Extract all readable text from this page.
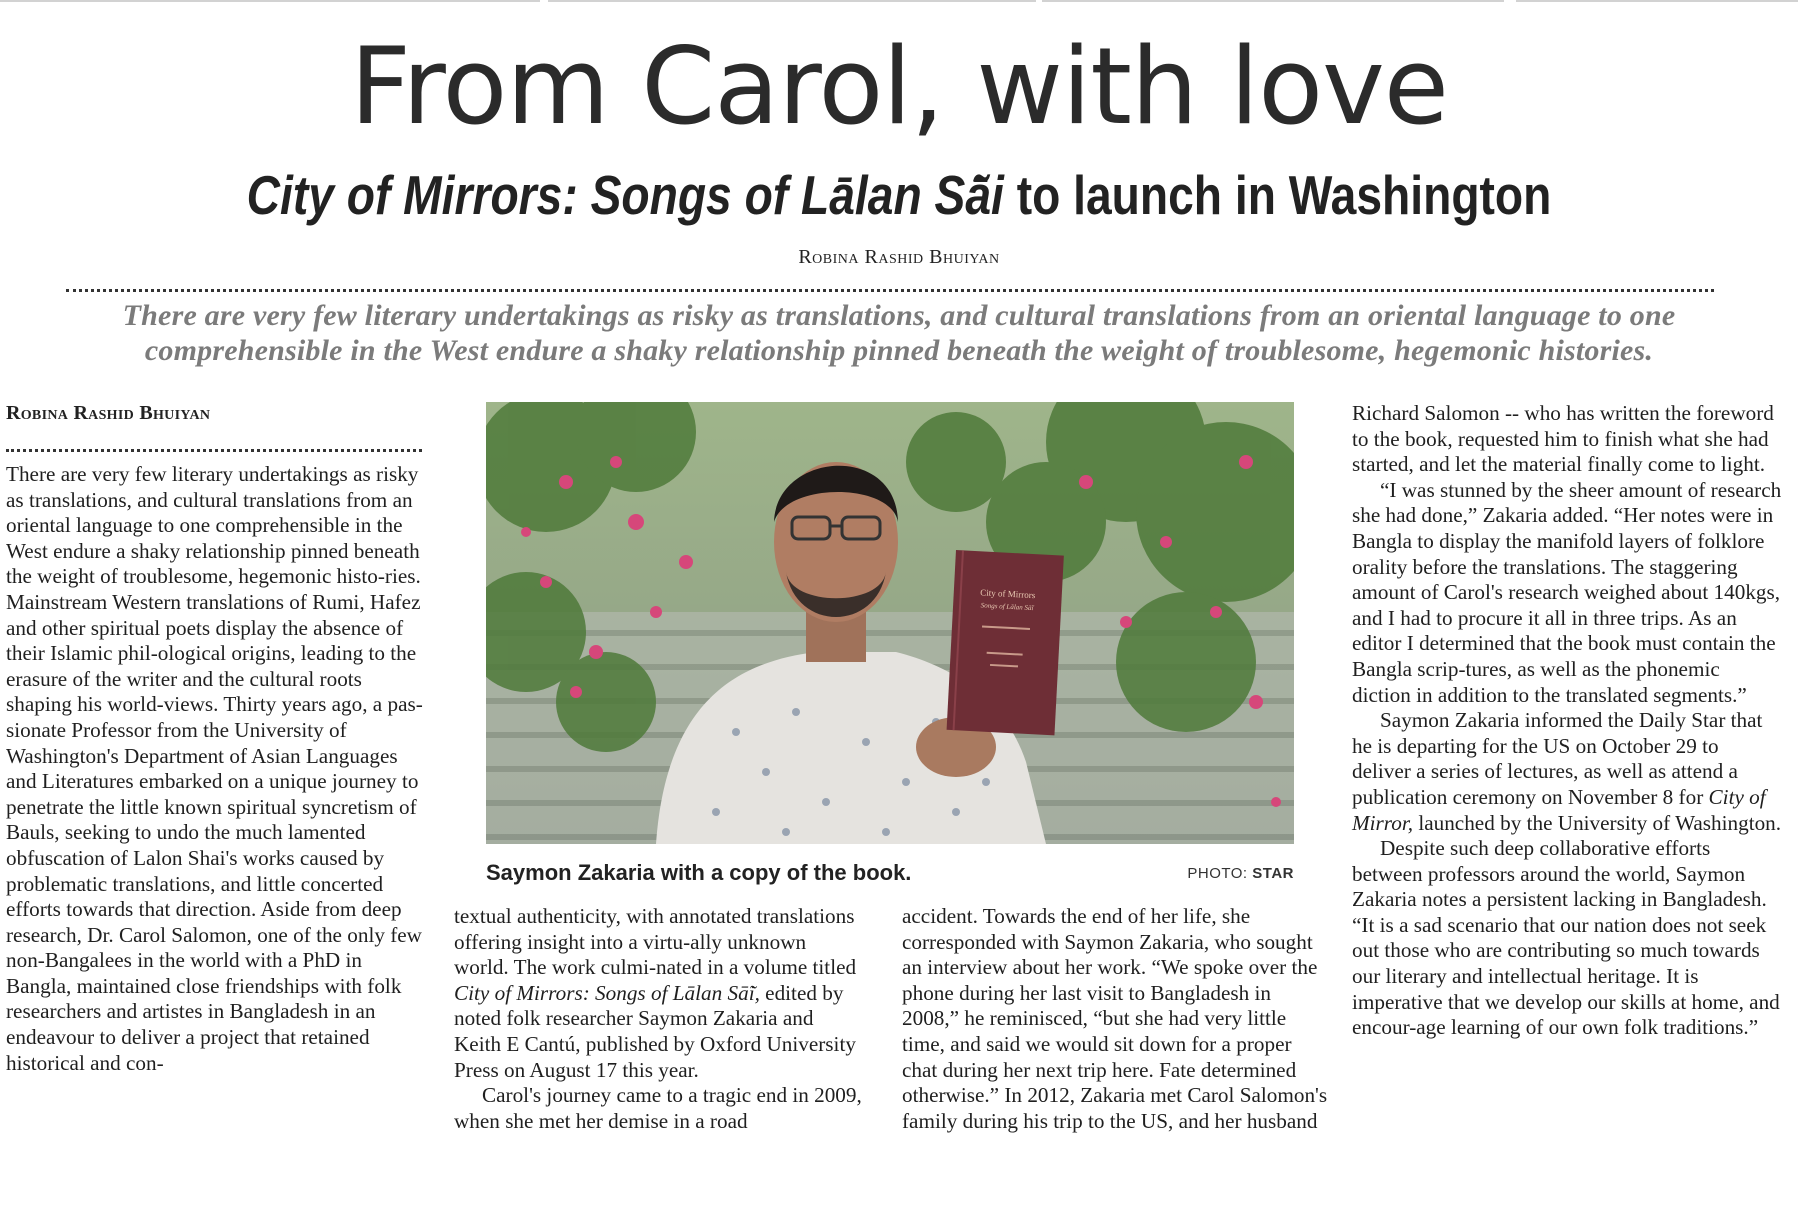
From Carol, with love
City of Mirrors: Songs of Lālan Sā̃i to launch in Washington
Robina Rashid Bhuiyan
There are very few literary undertakings as risky as translations, and cultural translations from an oriental language to one comprehensible in the West endure a shaky relationship pinned beneath the weight of troublesome, hegemonic histories.
Robina Rashid Bhuiyan

There are very few literary undertakings as risky as translations, and cultural translations from an oriental language to one comprehensible in the West endure a shaky relationship pinned beneath the weight of troublesome, hegemonic histo-ries. Mainstream Western translations of Rumi, Hafez and other spiritual poets display the absence of their Islamic phil-ological origins, leading to the erasure of the writer and the cultural roots shaping his world-views. Thirty years ago, a pas-sionate Professor from the University of Washington's Department of Asian Languages and Literatures embarked on a unique journey to penetrate the little known spiritual syncretism of Bauls, seeking to undo the much lamented obfuscation of Lalon Shai's works caused by problematic translations, and little concerted efforts towards that direction. Aside from deep research, Dr. Carol Salomon, one of the only few non-Bangalees in the world with a PhD in Bangla, maintained close friendships with folk researchers and artistes in Bangladesh in an endeavour to deliver a project that retained historical and con-

City of Mirrors
Songs of Lālan Sā̃i
Saymon Zakaria with a copy of the book.	PHOTO: STAR

textual authenticity, with annotated translations offering insight into a virtu-ally unknown world. The work culmi-nated in a volume titled City of Mirrors: Songs of Lālan Sā̃i, edited by noted folk researcher Saymon Zakaria and Keith E Cantú, published by Oxford University Press on August 17 this year.

Carol's journey came to a tragic end in 2009, when she met her demise in a road

accident. Towards the end of her life, she corresponded with Saymon Zakaria, who sought an interview about her work. “We spoke over the phone during her last visit to Bangladesh in 2008,” he reminisced, “but she had very little time, and said we would sit down for a proper chat during her next trip here. Fate determined otherwise.” In 2012, Zakaria met Carol Salomon's family during his trip to the US, and her husband

Richard Salomon -- who has written the foreword to the book, requested him to finish what she had started, and let the material finally come to light.

“I was stunned by the sheer amount of research she had done,” Zakaria added. “Her notes were in Bangla to display the manifold layers of folklore orality before the translations. The staggering amount of Carol's research weighed about 140kgs, and I had to procure it all in three trips. As an editor I determined that the book must contain the Bangla scrip-tures, as well as the phonemic diction in addition to the translated segments.”

Saymon Zakaria informed the Daily Star that he is departing for the US on October 29 to deliver a series of lectures, as well as attend a publication ceremony on November 8 for City of Mirror, launched by the University of Washington.

Despite such deep collaborative efforts between professors around the world, Saymon Zakaria notes a persistent lacking in Bangladesh. “It is a sad scenario that our nation does not seek out those who are contributing so much towards our literary and intellectual heritage. It is imperative that we develop our skills at home, and encour-age learning of our own folk traditions.”
